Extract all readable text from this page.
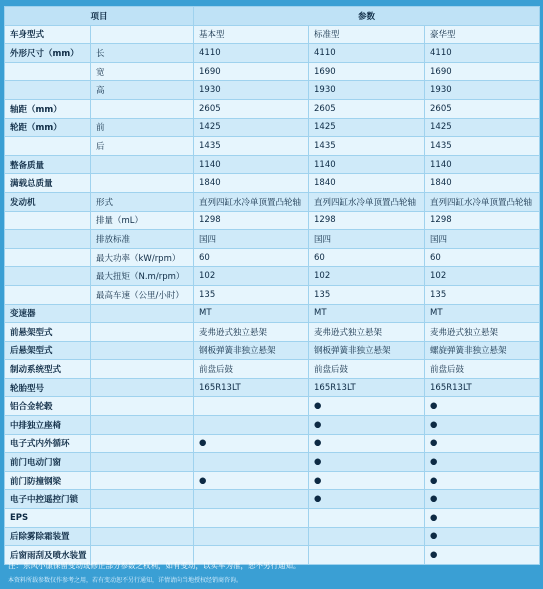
项目		参数		
车身型式		基本型	标准型	豪华型
外形尺寸（mm）	长	4110	4110	4110
	宽	1690	1690	1690
	高	1930	1930	1930
轴距（mm）		2605	2605	2605
轮距（mm）	前	1425	1425	1425
	后	1435	1435	1435
整备质量		1140	1140	1140
满载总质量		1840	1840	1840
发动机	形式	直列四缸水冷单顶置凸轮轴	直列四缸水冷单顶置凸轮轴	直列四缸水冷单顶置凸轮轴
	排量（mL）	1298	1298	1298
	排放标准	国四	国四	国四
	最大功率（kW/rpm）	60	60	60
	最大扭矩（N.m/rpm）	102	102	102
	最高车速（公里/小时）	135	135	135
变速器		MT	MT	MT
前悬架型式		麦弗逊式独立悬架	麦弗逊式独立悬架	麦弗逊式独立悬架
后悬架型式		钢板弹簧非独立悬架	钢板弹簧非独立悬架	螺旋弹簧非独立悬架
制动系统型式		前盘后鼓	前盘后鼓	前盘后鼓
轮胎型号		165R13LT	165R13LT	165R13LT
铝合金轮毂			●	●
中排独立座椅			●	●
电子式内外循环		●	●	●
前门电动门窗			●	●
前门防撞钢梁		●	●	●
电子中控遥控门锁			●	●
EPS				●
后除雾除霜装置				●
后窗雨刮及喷水装置				●
注：东风小康保留变动或修正部分参数之权利，如有变动，以实车为准，恕不另行通知。
本资料所载参数仅作参考之用，若有变动恕不另行通知，详情请向当地授权经销商咨询。
